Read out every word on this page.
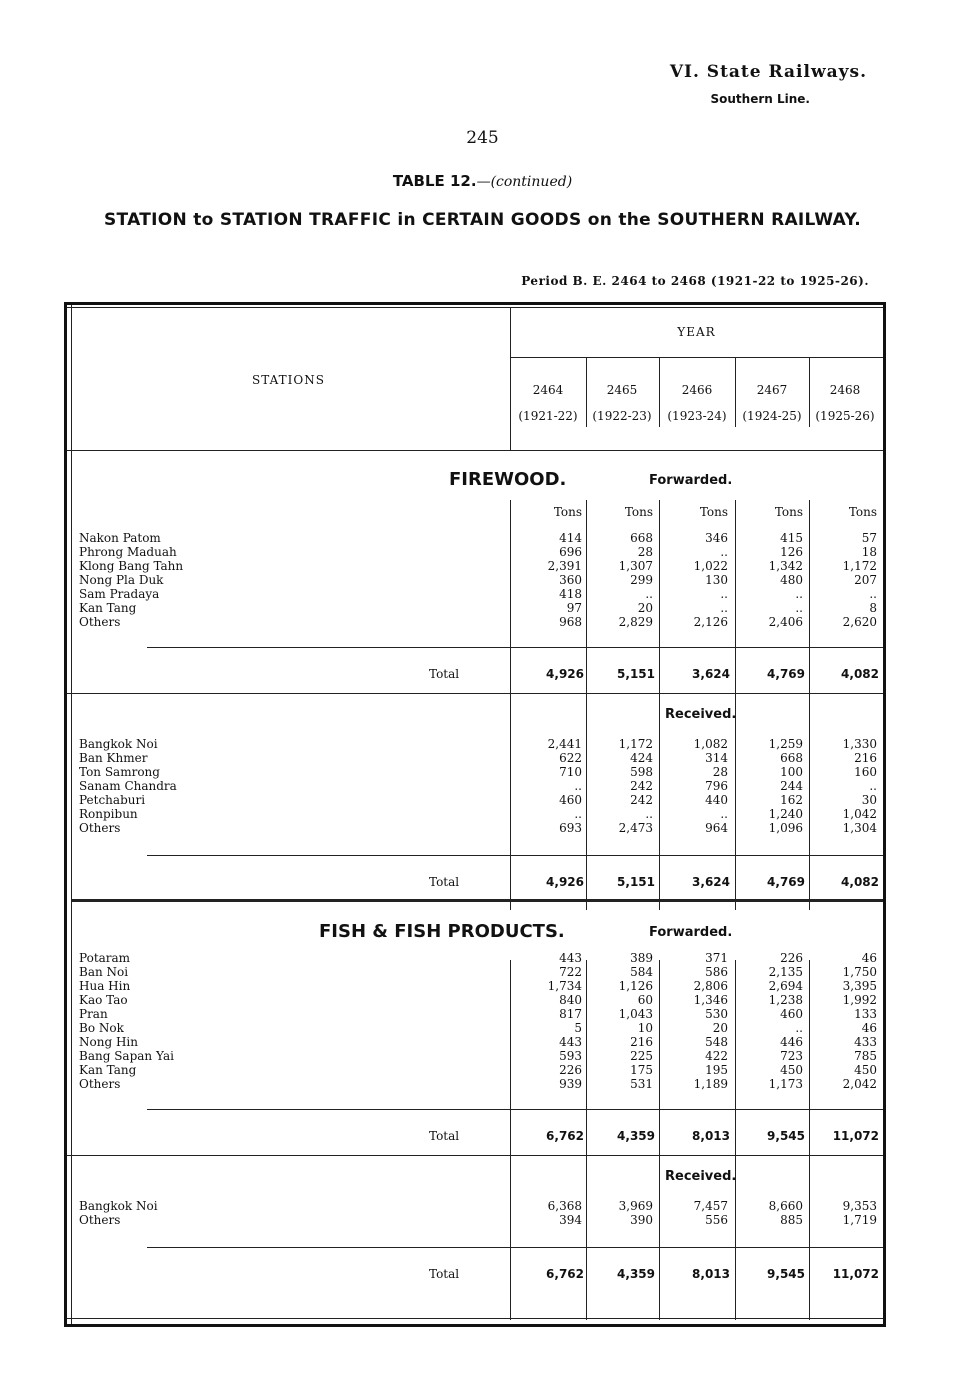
VI. State Railways.
Southern Line.
245
TABLE 12.—(continued)
STATION to STATION TRAFFIC in CERTAIN GOODS on the SOUTHERN RAILWAY.
Period B. E. 2464 to 2468 (1921-22 to 1925-26).
YEAR
STATIONS
2464
(1921-22)
2465
(1922-23)
2466
(1923-24)
2467
(1924-25)
2468
(1925-26)
FIREWOOD.	Forwarded.
Tons	Tons	Tons	Tons	Tons
Nakon Patom	414	668	346	415	57
Phrong Maduah	696	28	..	126	18
Klong Bang Tahn	2,391	1,307	1,022	1,342	1,172
Nong Pla Duk	360	299	130	480	207
Sam Pradaya	418	..	..	..	..
Kan Tang	97	20	..	..	8
Others	968	2,829	2,126	2,406	2,620
Total	4,926	5,151	3,624	4,769	4,082
Received.
Bangkok Noi	2,441	1,172	1,082	1,259	1,330
Ban Khmer	622	424	314	668	216
Ton Samrong	710	598	28	100	160
Sanam Chandra	..	242	796	244	..
Petchaburi	460	242	440	162	30
Ronpibun	..	..	..	1,240	1,042
Others	693	2,473	964	1,096	1,304
Total	4,926	5,151	3,624	4,769	4,082
FISH & FISH PRODUCTS.	Forwarded.
Potaram	443	389	371	226	46
Ban Noi	722	584	586	2,135	1,750
Hua Hin	1,734	1,126	2,806	2,694	3,395
Kao Tao	840	60	1,346	1,238	1,992
Pran	817	1,043	530	460	133
Bo Nok	5	10	20	..	46
Nong Hin	443	216	548	446	433
Bang Sapan Yai	593	225	422	723	785
Kan Tang	226	175	195	450	450
Others	939	531	1,189	1,173	2,042
Total	6,762	4,359	8,013	9,545	11,072
Received.
Bangkok Noi	6,368	3,969	7,457	8,660	9,353
Others	394	390	556	885	1,719
Total	6,762	4,359	8,013	9,545	11,072
